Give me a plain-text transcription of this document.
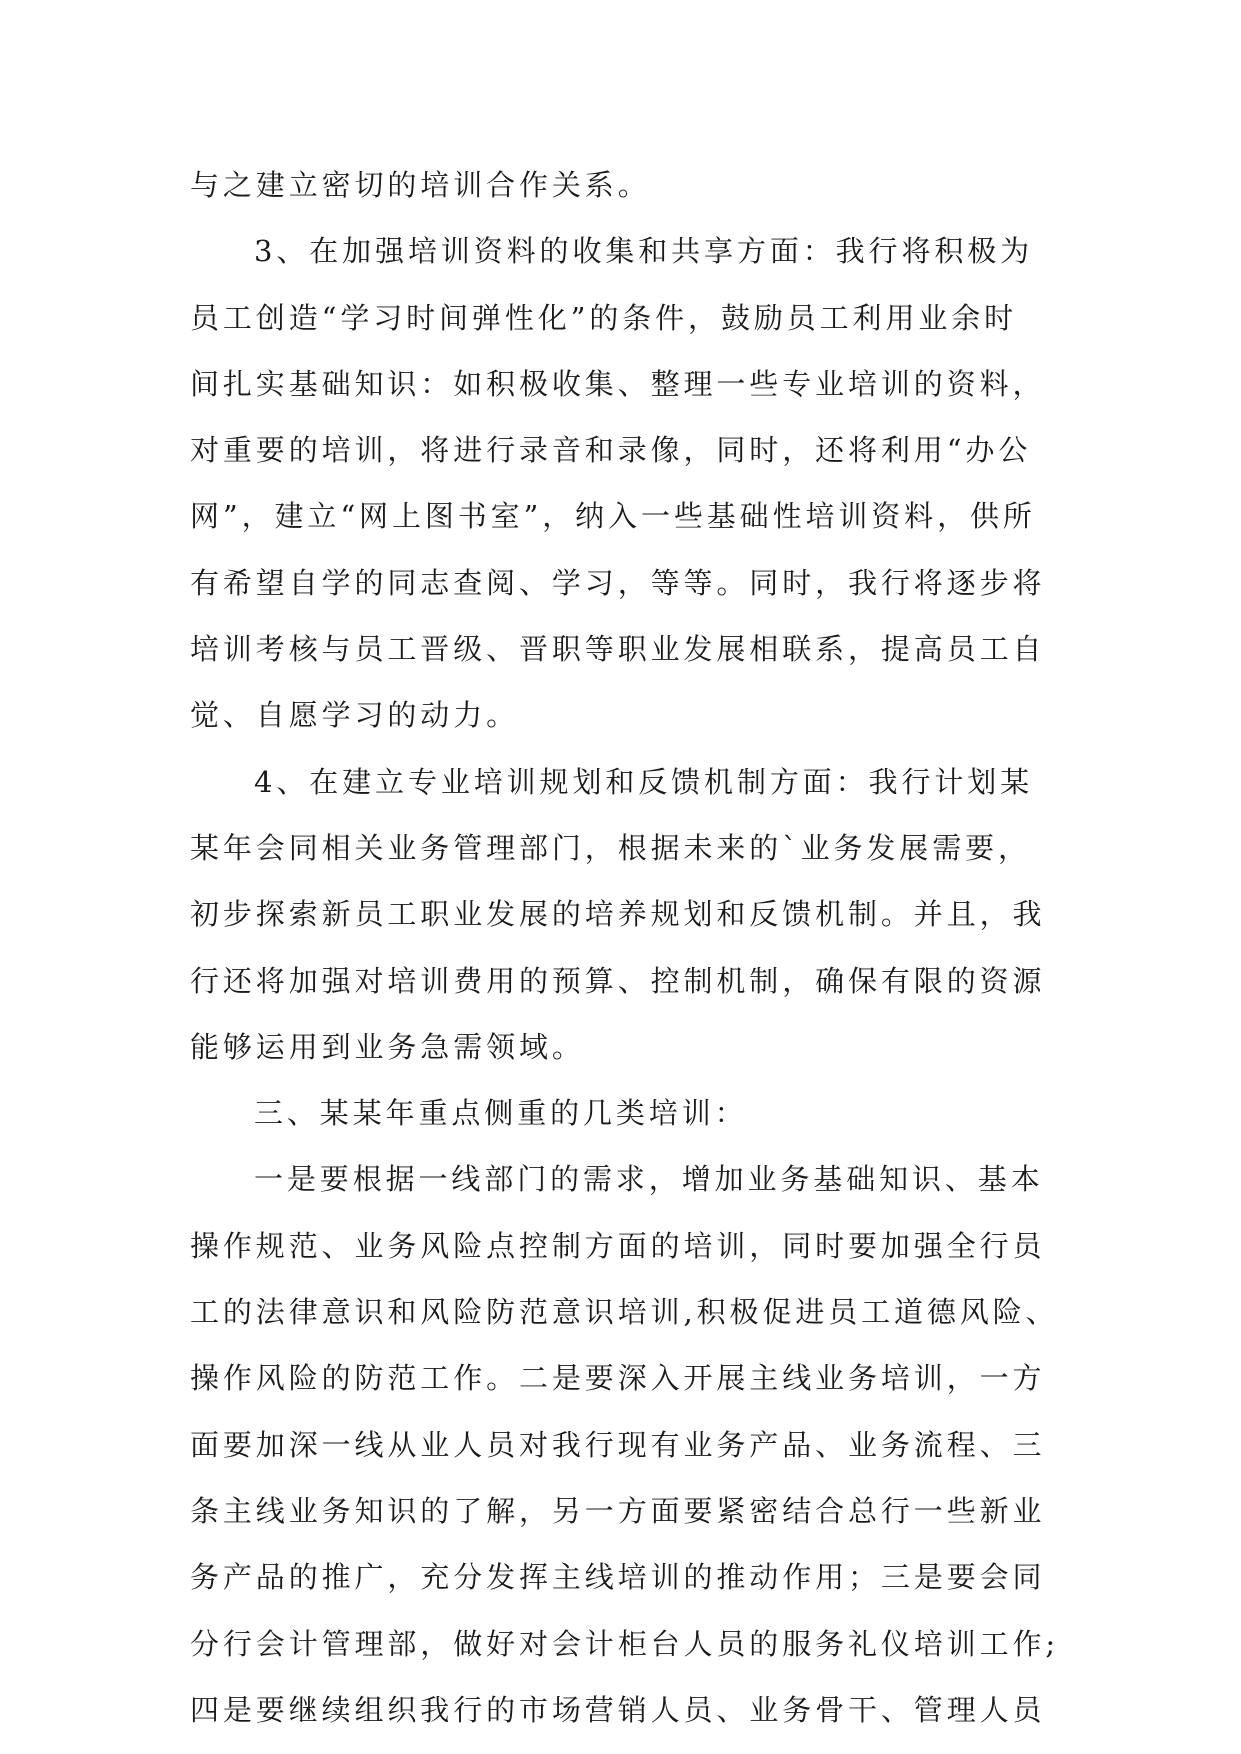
与之建立密切的培训合作关系。
3、在加强培训资料的收集和共享方面：我行将积极为
员工创造“学习时间弹性化”的条件，鼓励员工利用业余时
间扎实基础知识：如积极收集、整理一些专业培训的资料，
对重要的培训，将进行录音和录像，同时，还将利用“办公
网”，建立“网上图书室”，纳入一些基础性培训资料，供所
有希望自学的同志查阅、学习，等等。同时，我行将逐步将
培训考核与员工晋级、晋职等职业发展相联系，提高员工自
觉、自愿学习的动力。
4、在建立专业培训规划和反馈机制方面：我行计划某
某年会同相关业务管理部门，根据未来的`业务发展需要，
初步探索新员工职业发展的培养规划和反馈机制。并且，我
行还将加强对培训费用的预算、控制机制，确保有限的资源
能够运用到业务急需领域。
三、某某年重点侧重的几类培训：
一是要根据一线部门的需求，增加业务基础知识、基本
操作规范、业务风险点控制方面的培训，同时要加强全行员
工的法律意识和风险防范意识培训,积极促进员工道德风险、
操作风险的防范工作。二是要深入开展主线业务培训，一方
面要加深一线从业人员对我行现有业务产品、业务流程、三
条主线业务知识的了解，另一方面要紧密结合总行一些新业
务产品的推广，充分发挥主线培训的推动作用；三是要会同
分行会计管理部，做好对会计柜台人员的服务礼仪培训工作;
四是要继续组织我行的市场营销人员、业务骨干、管理人员
